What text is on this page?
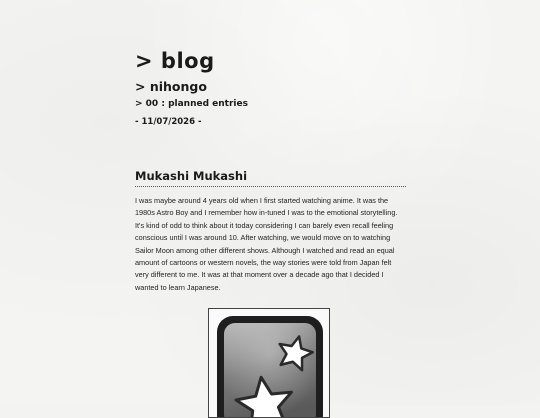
> blog
> nihongo
> 00 : planned entries
- 11/07/2026 -
Mukashi Mukashi

I was maybe around 4 years old when I first started watching anime. It was the 1980s Astro Boy and I remember how in-tuned I was to the emotional storytelling. It's kind of odd to think about it today considering I can barely even recall feeling conscious until I was around 10. After watching, we would move on to watching Sailor Moon among other different shows. Although I watched and read an equal amount of cartoons or western novels, the way stories were told from Japan felt very different to me. It was at that moment over a decade ago that I decided I wanted to learn Japanese.
